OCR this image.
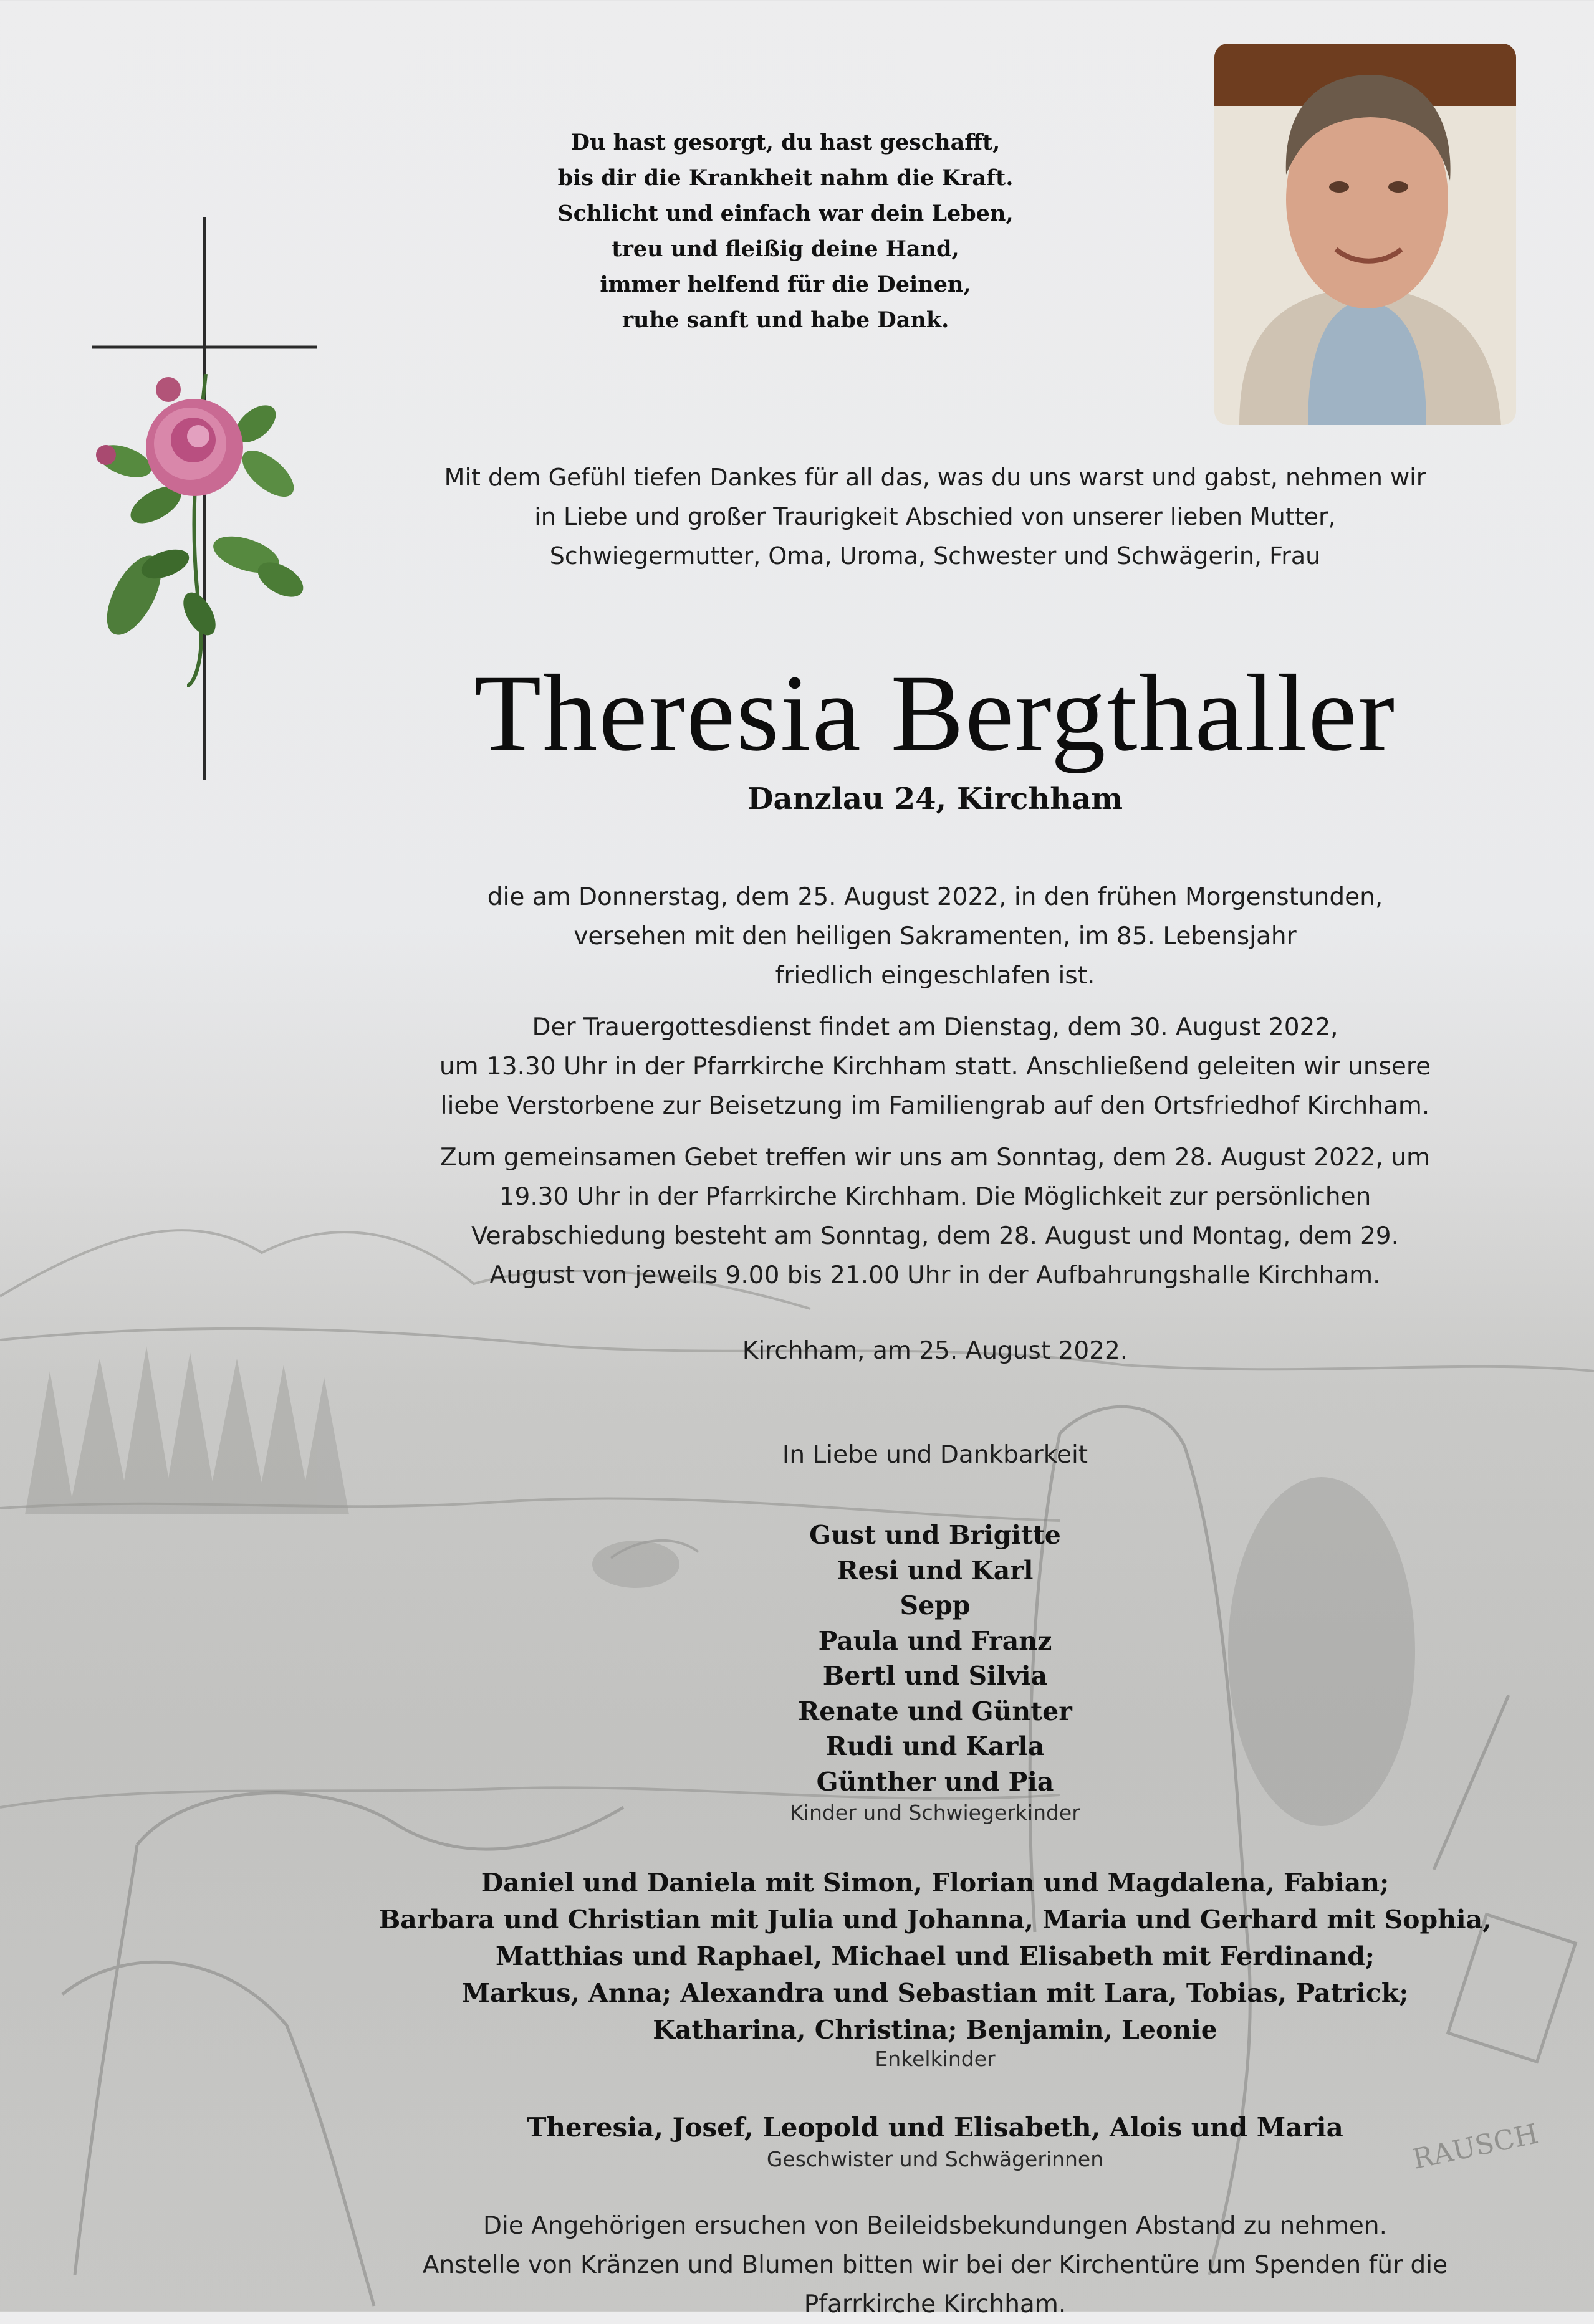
RAUSCH
Du hast gesorgt, du hast geschafft,
bis dir die Krankheit nahm die Kraft.
Schlicht und einfach war dein Leben,
treu und fleißig deine Hand,
immer helfend für die Deinen,
ruhe sanft und habe Dank.
Mit dem Gefühl tiefen Dankes für all das, was du uns warst und gabst, nehmen wir
in Liebe und großer Traurigkeit Abschied von unserer lieben Mutter,
Schwiegermutter, Oma, Uroma, Schwester und Schwägerin, Frau
Theresia Bergthaller
Danzlau 24, Kirchham
die am Donnerstag, dem 25. August 2022, in den frühen Morgenstunden,
versehen mit den heiligen Sakramenten, im 85. Lebensjahr
friedlich eingeschlafen ist.
Der Trauergottesdienst findet am Dienstag, dem 30. August 2022,
um 13.30 Uhr in der Pfarrkirche Kirchham statt. Anschließend geleiten wir unsere
liebe Verstorbene zur Beisetzung im Familiengrab auf den Ortsfriedhof Kirchham.
Zum gemeinsamen Gebet treffen wir uns am Sonntag, dem 28. August 2022, um
19.30 Uhr in der Pfarrkirche Kirchham. Die Möglichkeit zur persönlichen
Verabschiedung besteht am Sonntag, dem 28. August und Montag, dem 29.
August von jeweils 9.00 bis 21.00 Uhr in der Aufbahrungshalle Kirchham.
Kirchham, am 25. August 2022.
In Liebe und Dankbarkeit
Gust und Brigitte
Resi und Karl
Sepp
Paula und Franz
Bertl und Silvia
Renate und Günter
Rudi und Karla
Günther und Pia
Kinder und Schwiegerkinder
Daniel und Daniela mit Simon, Florian und Magdalena, Fabian;
Barbara und Christian mit Julia und Johanna, Maria und Gerhard mit Sophia,
Matthias und Raphael, Michael und Elisabeth mit Ferdinand;
Markus, Anna; Alexandra und Sebastian mit Lara, Tobias, Patrick;
Katharina, Christina; Benjamin, Leonie
Enkelkinder
Theresia, Josef, Leopold und Elisabeth, Alois und Maria
Geschwister und Schwägerinnen
Die Angehörigen ersuchen von Beileidsbekundungen Abstand zu nehmen.
Anstelle von Kränzen und Blumen bitten wir bei der Kirchentüre um Spenden für die
Pfarrkirche Kirchham.
